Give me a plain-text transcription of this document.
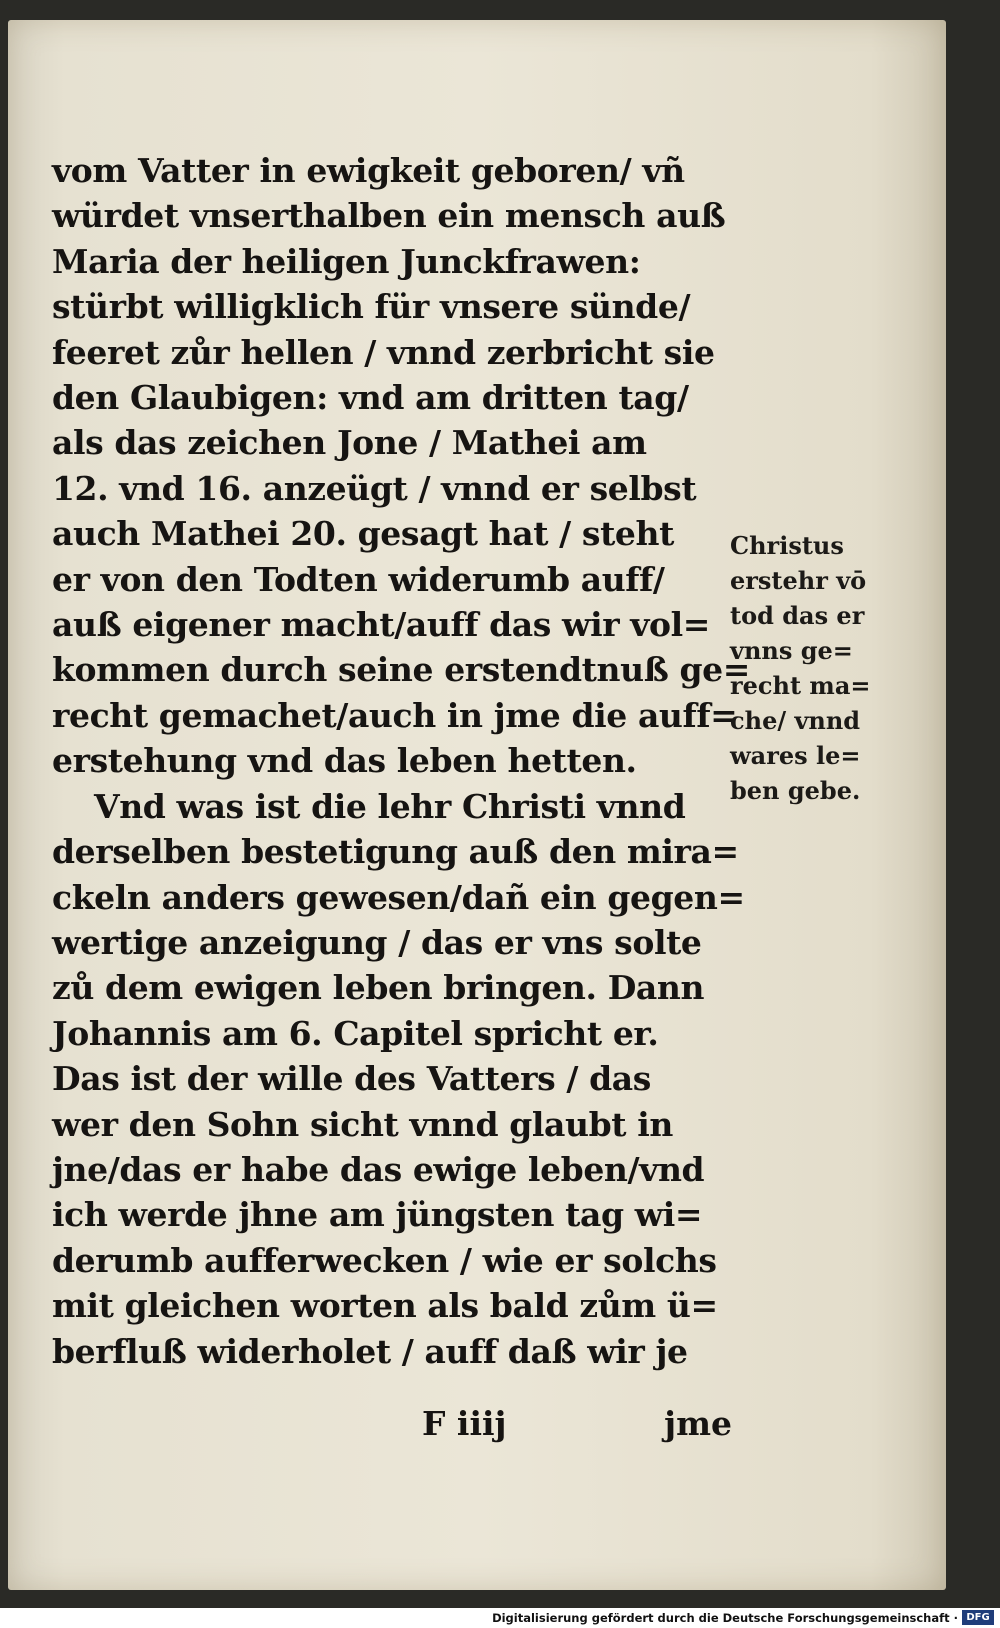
vom Vatter in ewigkeit geboren/ vñ
würdet vnserthalben ein mensch auß
Maria der heiligen Junckfrawen:
stürbt willigklich für vnsere sünde/
feeret zůr hellen / vnnd zerbricht sie
den Glaubigen: vnd am dritten tag/
als das zeichen Jone / Mathei am
12. vnd 16. anzeügt / vnnd er selbst
auch Mathei 20. gesagt hat / steht
er von den Todten widerumb auff/
auß eigener macht/auff das wir vol=
kommen durch seine erstendtnuß ge=
recht gemachet/auch in jme die auff=
erstehung vnd das leben hetten.
Vnd was ist die lehr Christi vnnd
derselben bestetigung auß den mira=
ckeln anders gewesen/dañ ein gegen=
wertige anzeigung / das er vns solte
zů dem ewigen leben bringen. Dann
Johannis am 6. Capitel spricht er.
Das ist der wille des Vatters / das
wer den Sohn sicht vnnd glaubt in
jne/das er habe das ewige leben/vnd
ich werde jhne am jüngsten tag wi=
derumb aufferwecken / wie er solchs
mit gleichen worten als bald zům ü=
berfluß widerholet / auff daß wir je
F iiij	jme
Christus
erstehr vō
tod das er
vnns ge=
recht ma=
che/ vnnd
wares le=
ben gebe.
Digitalisierung gefördert durch die Deutsche Forschungsgemeinschaft · DFG
